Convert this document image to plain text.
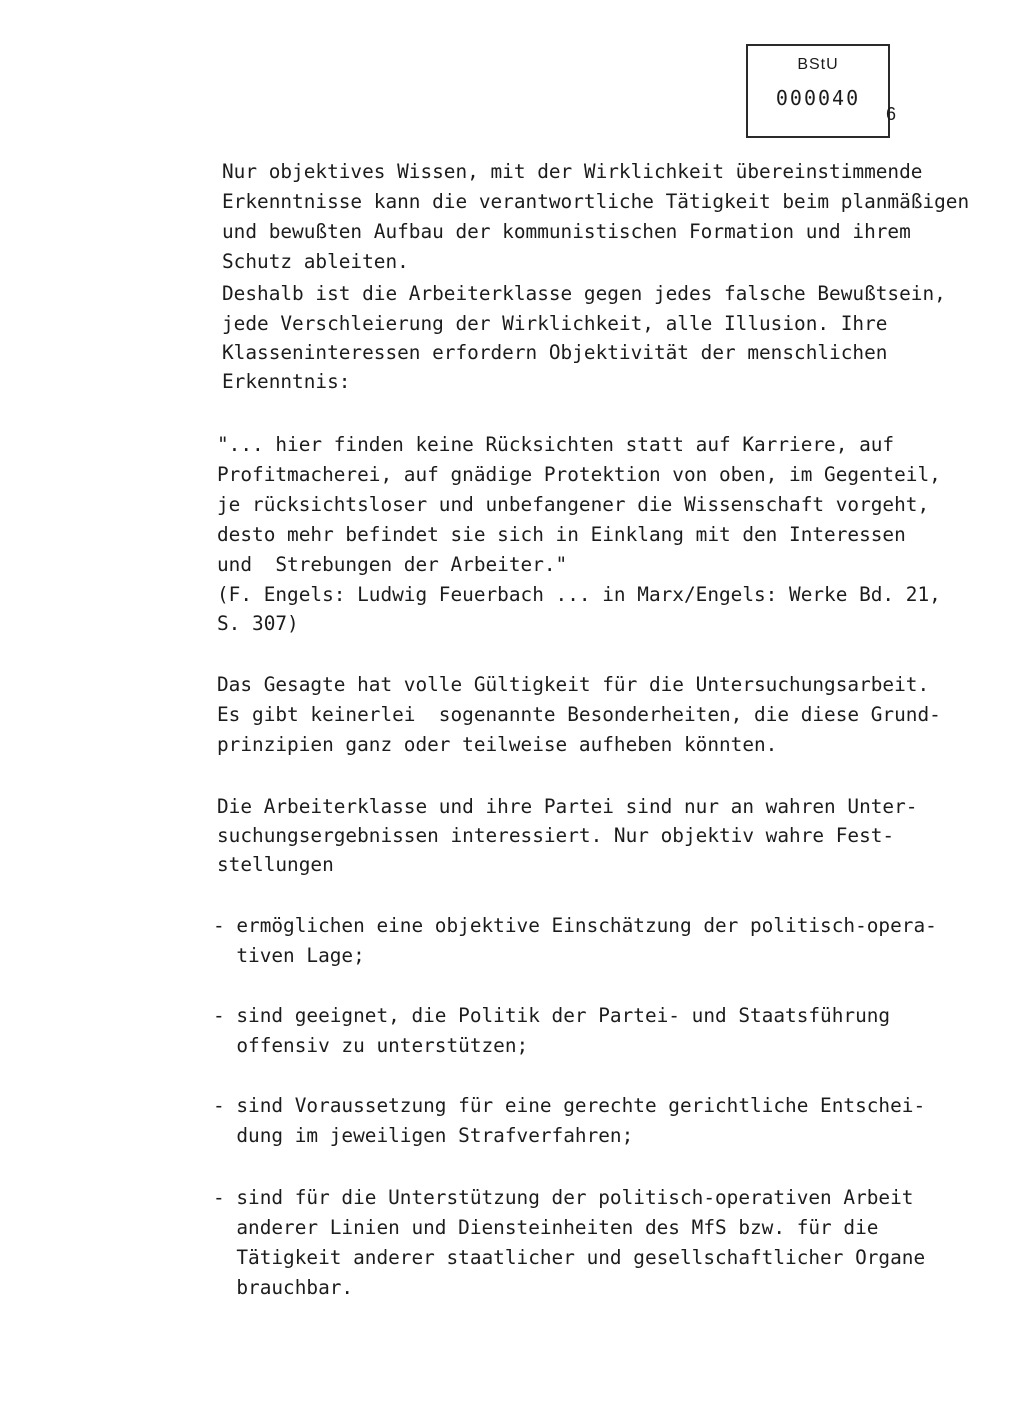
BStU
000040
6
Nur objektives Wissen, mit der Wirklichkeit übereinstimmende
Erkenntnisse kann die verantwortliche Tätigkeit beim planmäßigen
und bewußten Aufbau der kommunistischen Formation und ihrem
Schutz ableiten.
Deshalb ist die Arbeiterklasse gegen jedes falsche Bewußtsein,
jede Verschleierung der Wirklichkeit, alle Illusion. Ihre
Klasseninteressen erfordern Objektivität der menschlichen
Erkenntnis:
"... hier finden keine Rücksichten statt auf Karriere, auf
Profitmacherei, auf gnädige Protektion von oben, im Gegenteil,
je rücksichtsloser und unbefangener die Wissenschaft vorgeht,
desto mehr befindet sie sich in Einklang mit den Interessen
und  Strebungen der Arbeiter."
(F. Engels: Ludwig Feuerbach ... in Marx/Engels: Werke Bd. 21,
S. 307)
Das Gesagte hat volle Gültigkeit für die Untersuchungsarbeit.
Es gibt keinerlei  sogenannte Besonderheiten, die diese Grund-
prinzipien ganz oder teilweise aufheben könnten.
Die Arbeiterklasse und ihre Partei sind nur an wahren Unter-
suchungsergebnissen interessiert. Nur objektiv wahre Fest-
stellungen
- ermöglichen eine objektive Einschätzung der politisch-opera-
tiven Lage;
- sind geeignet, die Politik der Partei- und Staatsführung
offensiv zu unterstützen;
- sind Voraussetzung für eine gerechte gerichtliche Entschei-
dung im jeweiligen Strafverfahren;
- sind für die Unterstützung der politisch-operativen Arbeit
anderer Linien und Diensteinheiten des MfS bzw. für die
Tätigkeit anderer staatlicher und gesellschaftlicher Organe
brauchbar.
